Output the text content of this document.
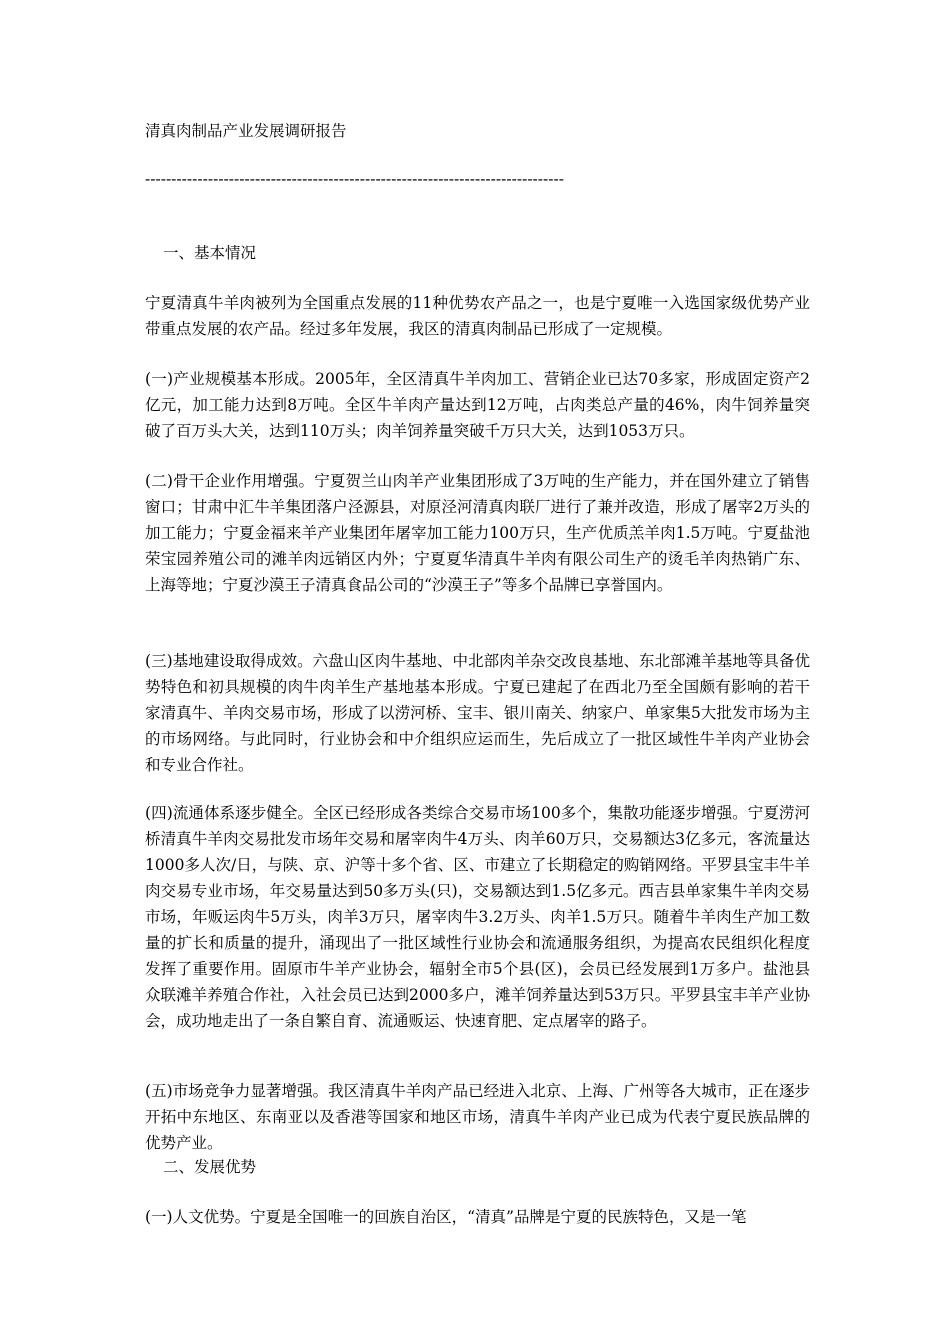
清真肉制品产业发展调研报告
--------------------------------------------------------------------------------
一、基本情况
宁夏清真牛羊肉被列为全国重点发展的11种优势农产品之一，也是宁夏唯一入选国家级优势产业带重点发展的农产品。经过多年发展，我区的清真肉制品已形成了一定规模。
(一)产业规模基本形成。2005年，全区清真牛羊肉加工、营销企业已达70多家，形成固定资产2亿元，加工能力达到8万吨。全区牛羊肉产量达到12万吨，占肉类总产量的46%，肉牛饲养量突破了百万头大关，达到110万头；肉羊饲养量突破千万只大关，达到1053万只。
(二)骨干企业作用增强。宁夏贺兰山肉羊产业集团形成了3万吨的生产能力，并在国外建立了销售窗口；甘肃中汇牛羊集团落户泾源县，对原泾河清真肉联厂进行了兼并改造，形成了屠宰2万头的加工能力；宁夏金福来羊产业集团年屠宰加工能力100万只，生产优质羔羊肉1.5万吨。宁夏盐池荣宝园养殖公司的滩羊肉远销区内外；宁夏夏华清真牛羊肉有限公司生产的烫毛羊肉热销广东、上海等地；宁夏沙漠王子清真食品公司的“沙漠王子”等多个品牌已享誉国内。
(三)基地建设取得成效。六盘山区肉牛基地、中北部肉羊杂交改良基地、东北部滩羊基地等具备优势特色和初具规模的肉牛肉羊生产基地基本形成。宁夏已建起了在西北乃至全国颇有影响的若干家清真牛、羊肉交易市场，形成了以涝河桥、宝丰、银川南关、纳家户、单家集5大批发市场为主的市场网络。与此同时，行业协会和中介组织应运而生，先后成立了一批区域性牛羊肉产业协会和专业合作社。
(四)流通体系逐步健全。全区已经形成各类综合交易市场100多个，集散功能逐步增强。宁夏涝河桥清真牛羊肉交易批发市场年交易和屠宰肉牛4万头、肉羊60万只，交易额达3亿多元，客流量达1000多人次/日，与陕、京、沪等十多个省、区、市建立了长期稳定的购销网络。平罗县宝丰牛羊肉交易专业市场，年交易量达到50多万头(只)，交易额达到1.5亿多元。西吉县单家集牛羊肉交易市场，年贩运肉牛5万头，肉羊3万只，屠宰肉牛3.2万头、肉羊1.5万只。随着牛羊肉生产加工数量的扩长和质量的提升，涌现出了一批区域性行业协会和流通服务组织，为提高农民组织化程度发挥了重要作用。固原市牛羊产业协会，辐射全市5个县(区)，会员已经发展到1万多户。盐池县众联滩羊养殖合作社，入社会员已达到2000多户，滩羊饲养量达到53万只。平罗县宝丰羊产业协会，成功地走出了一条自繁自育、流通贩运、快速育肥、定点屠宰的路子。
(五)市场竞争力显著增强。我区清真牛羊肉产品已经进入北京、上海、广州等各大城市，正在逐步开拓中东地区、东南亚以及香港等国家和地区市场，清真牛羊肉产业已成为代表宁夏民族品牌的优势产业。
二、发展优势
(一)人文优势。宁夏是全国唯一的回族自治区，“清真”品牌是宁夏的民族特色，又是一笔
